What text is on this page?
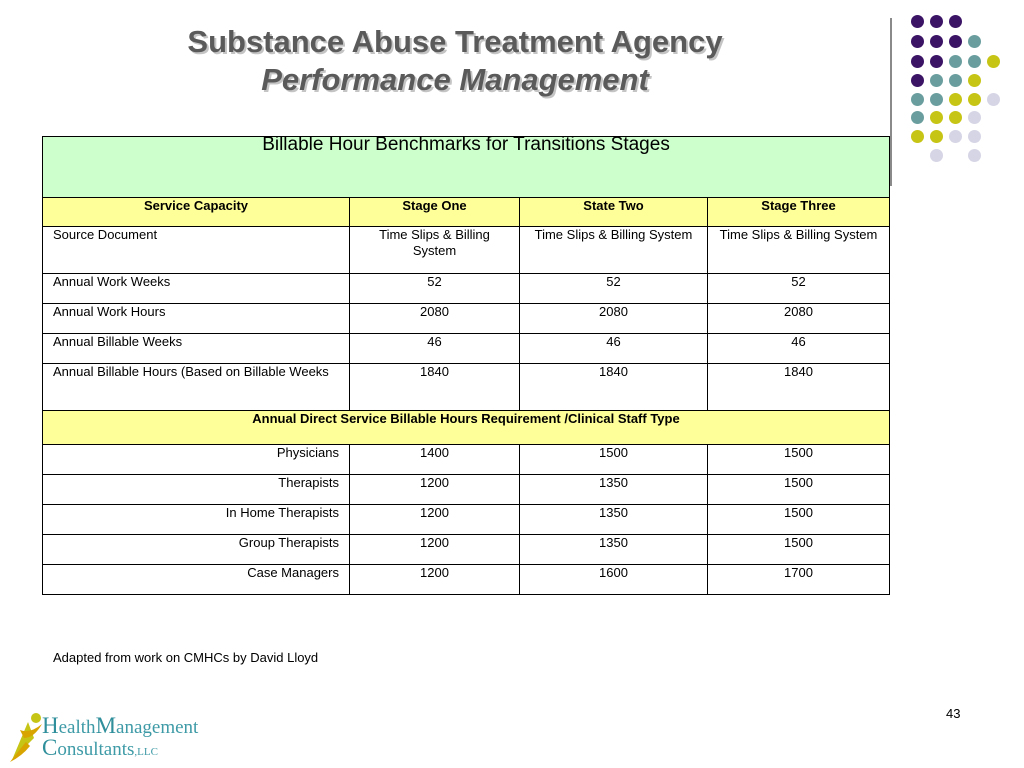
Substance Abuse Treatment Agency
Performance Management
Billable Hour Benchmarks for Transitions Stages			
Service Capacity	Stage One	State Two	Stage Three
Source Document	Time Slips & Billing System	Time Slips & Billing System	Time Slips & Billing System
Annual Work Weeks	52	52	52
Annual Work Hours	2080	2080	2080
Annual Billable Weeks	46	46	46
Annual Billable Hours (Based on Billable Weeks	1840	1840	1840
Annual Direct Service Billable Hours Requirement /Clinical Staff Type			
Physicians	1400	1500	1500
Therapists	1200	1350	1500
In Home Therapists	1200	1350	1500
Group Therapists	1200	1350	1500
Case Managers	1200	1600	1700
Adapted from work on CMHCs by David Lloyd
43
HealthManagement
Consultants,LLC
